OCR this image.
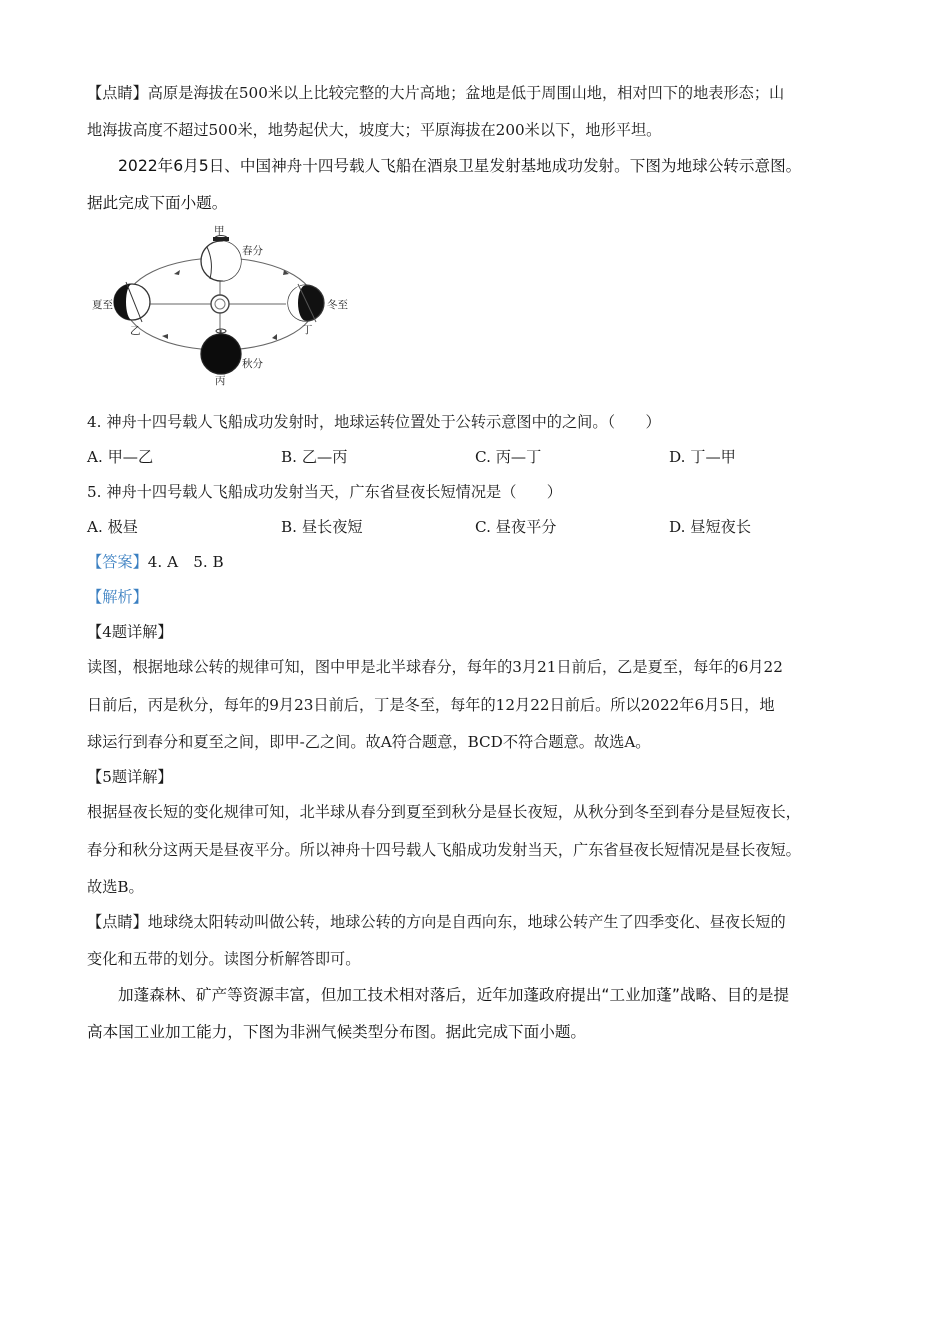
【点睛】高原是海拔在500米以上比较完整的大片高地；盆地是低于周围山地，相对凹下的地表形态；山
地海拔高度不超过500米，地势起伏大，坡度大；平原海拔在200米以下，地形平坦。
2022年6月5日、中国神舟十四号载人飞船在酒泉卫星发射基地成功发射。下图为地球公转示意图。
据此完成下面小题。
甲
春分
夏至
乙
冬至
丁
秋分
丙
4. 神舟十四号载人飞船成功发射时，地球运转位置处于公转示意图中的之间。（　　）
A. 甲—乙	B. 乙—丙	C. 丙—丁	D. 丁—甲
5. 神舟十四号载人飞船成功发射当天，广东省昼夜长短情况是（　　）
A. 极昼	B. 昼长夜短	C. 昼夜平分	D. 昼短夜长
【答案】4. A　5. B
【解析】
【4题详解】
读图，根据地球公转的规律可知，图中甲是北半球春分，每年的3月21日前后，乙是夏至，每年的6月22
日前后，丙是秋分，每年的9月23日前后，丁是冬至，每年的12月22日前后。所以2022年6月5日，地
球运行到春分和夏至之间，即甲-乙之间。故A符合题意，BCD不符合题意。故选A。
【5题详解】
根据昼夜长短的变化规律可知，北半球从春分到夏至到秋分是昼长夜短，从秋分到冬至到春分是昼短夜长，
春分和秋分这两天是昼夜平分。所以神舟十四号载人飞船成功发射当天，广东省昼夜长短情况是昼长夜短。
故选B。
【点睛】地球绕太阳转动叫做公转，地球公转的方向是自西向东，地球公转产生了四季变化、昼夜长短的
变化和五带的划分。读图分析解答即可。
加蓬森林、矿产等资源丰富，但加工技术相对落后，近年加蓬政府提出“工业加蓬”战略、目的是提
高本国工业加工能力，下图为非洲气候类型分布图。据此完成下面小题。
